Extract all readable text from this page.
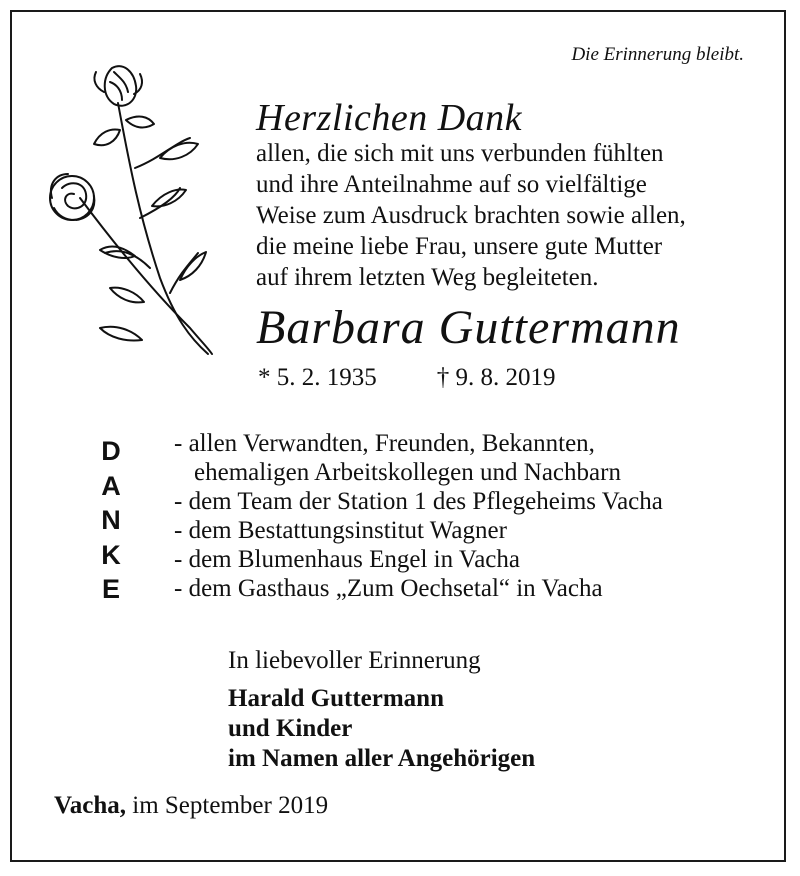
Die Erinnerung bleibt.
Herzlichen Dank
allen, die sich mit uns verbunden fühlten
und ihre Anteilnahme auf so vielfältige
Weise zum Ausdruck brachten sowie allen,
die meine liebe Frau, unsere gute Mutter
auf ihrem letzten Weg begleiteten.
Barbara Guttermann
* 5. 2. 1935 † 9. 8. 2019
D
A
N
K
E
- allen Verwandten, Freunden, Bekannten,
ehemaligen Arbeitskollegen und Nachbarn
- dem Team der Station 1 des Pflegeheims Vacha
- dem Bestattungsinstitut Wagner
- dem Blumenhaus Engel in Vacha
- dem Gasthaus „Zum Oechsetal“ in Vacha
In liebevoller Erinnerung
Harald Guttermann
und Kinder
im Namen aller Angehörigen
Vacha, im September 2019
